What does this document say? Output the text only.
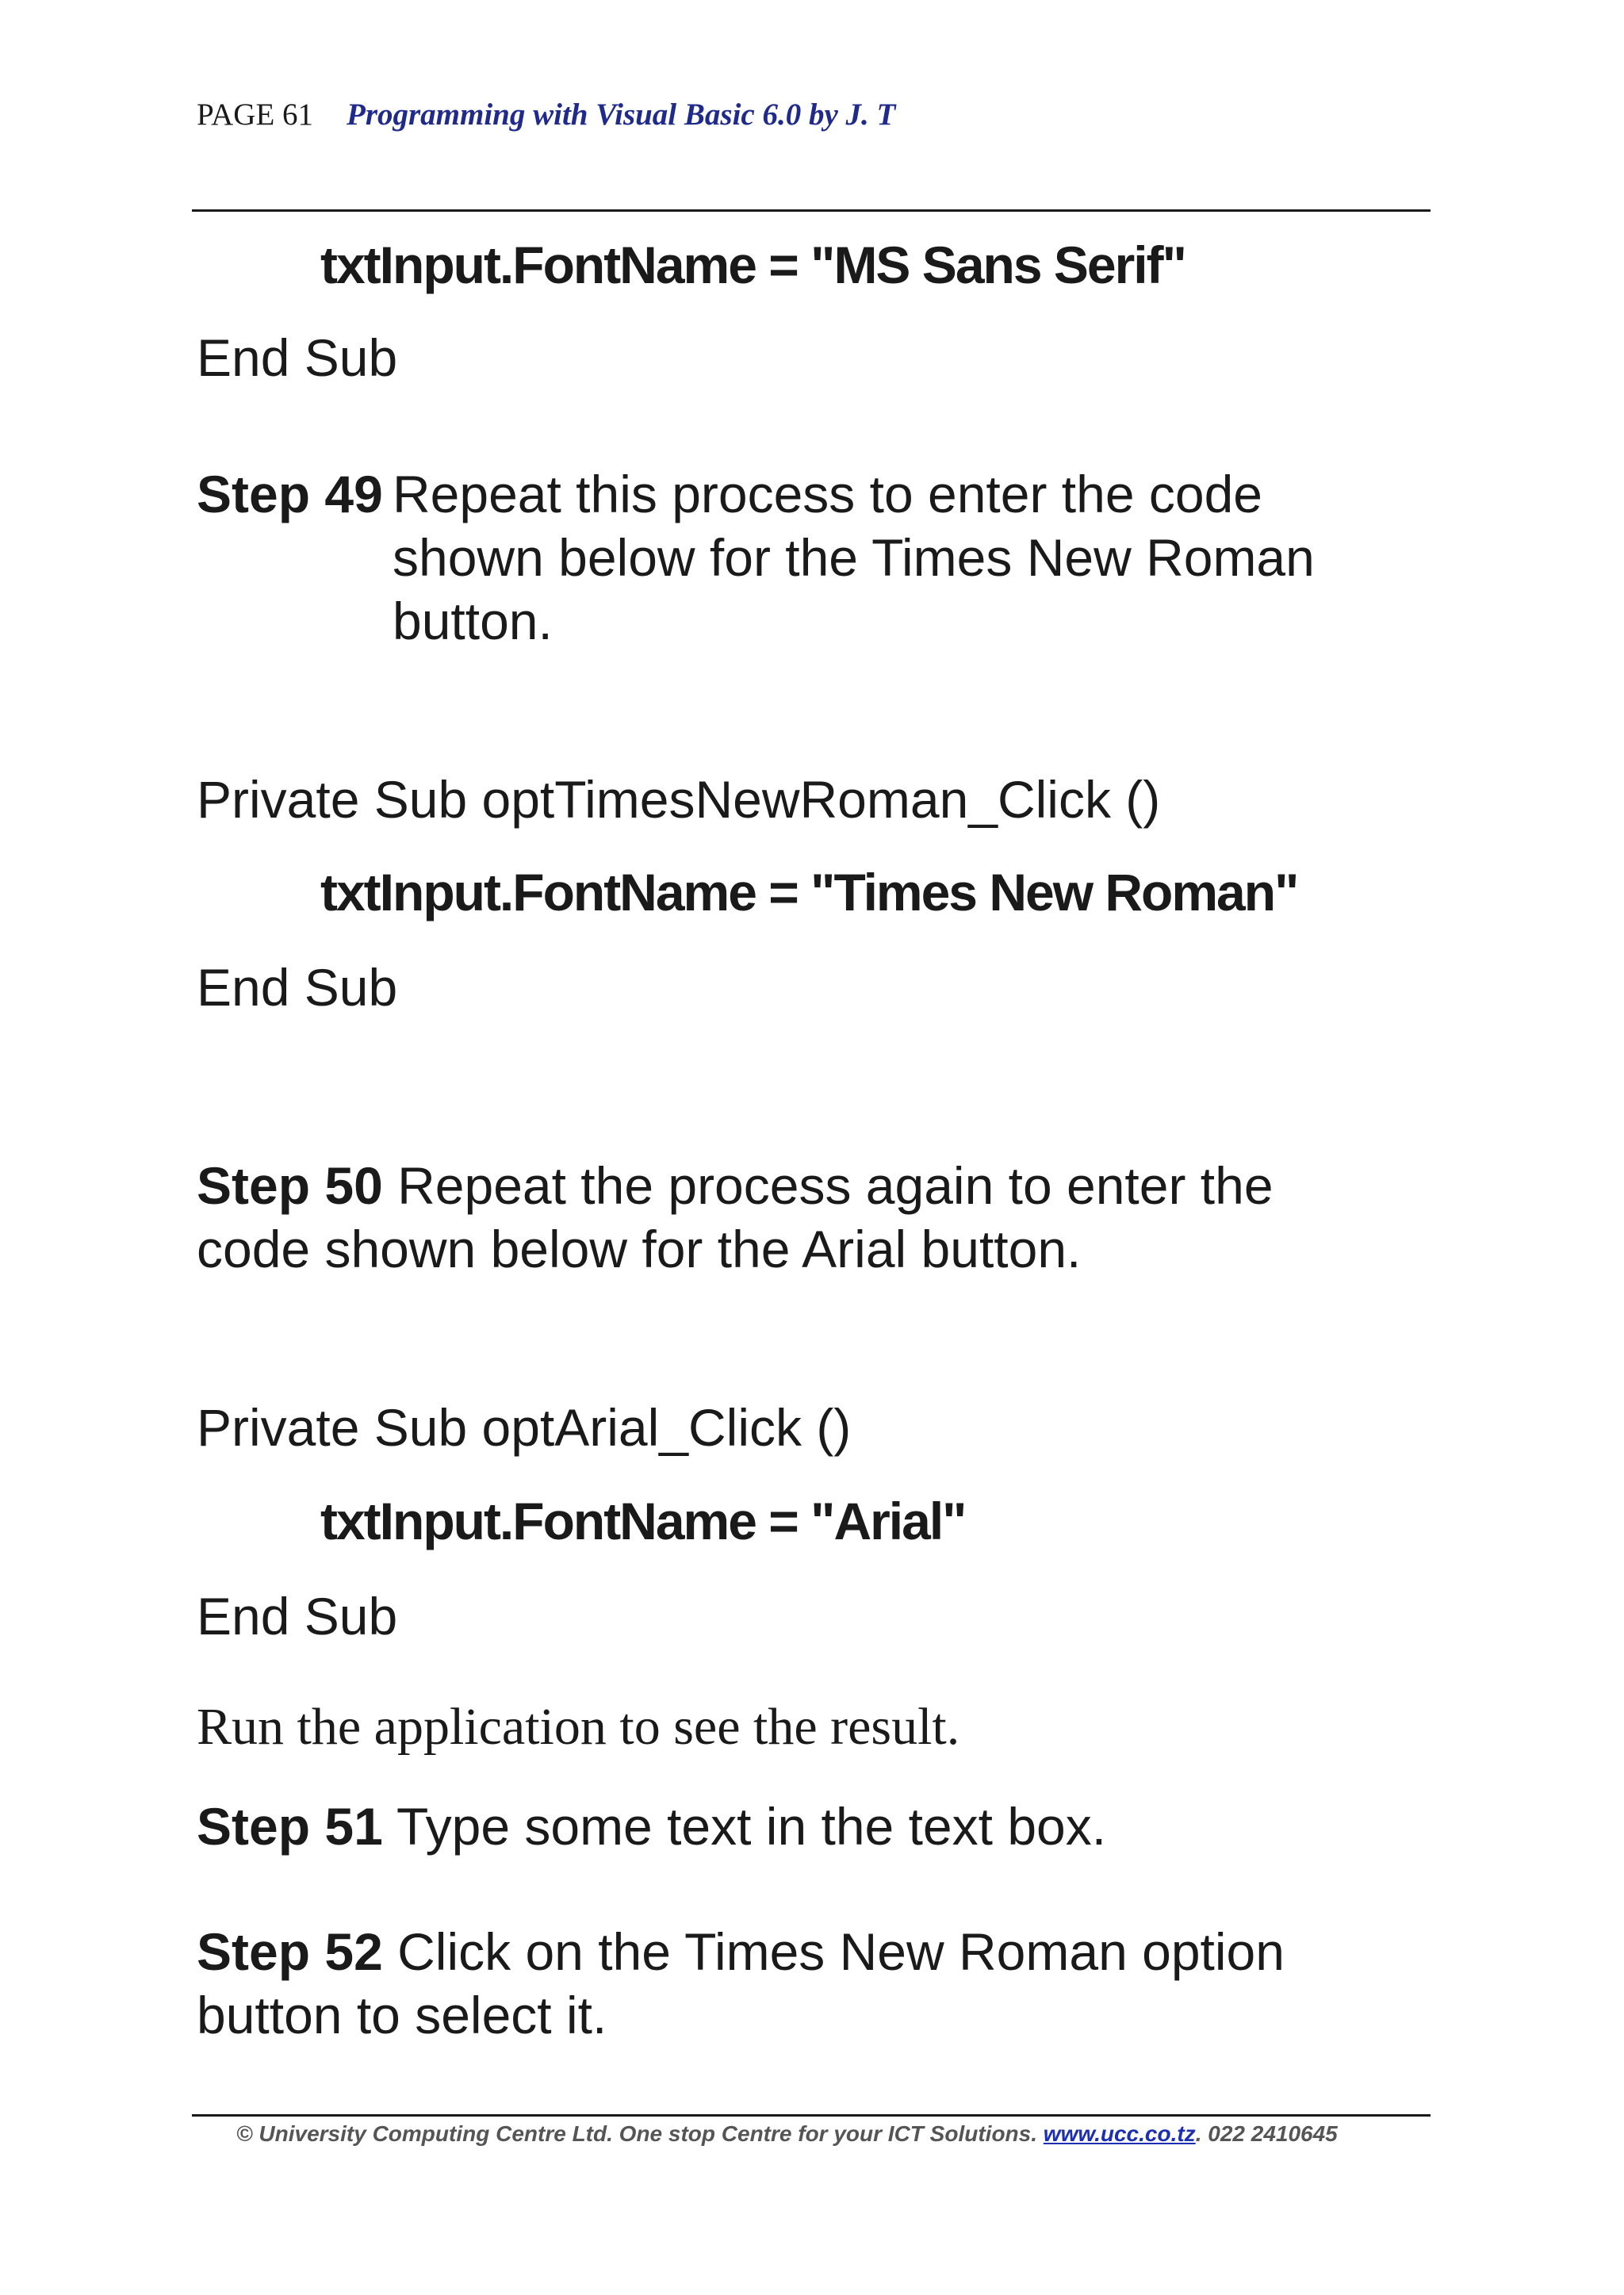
PAGE 61 Programming with Visual Basic 6.0 by J. T
txtInput.FontName = "MS Sans Serif"
End Sub
Step 49 Repeat this process to enter the code
shown below for the Times New Roman
button.
Private Sub optTimesNewRoman_Click ()
txtInput.FontName = "Times New Roman"
End Sub
Step 50 Repeat the process again to enter the
code shown below for the Arial button.
Private Sub optArial_Click ()
txtInput.FontName = "Arial"
End Sub
Run the application to see the result.
Step 51 Type some text in the text box.
Step 52 Click on the Times New Roman option
button to select it.
© University Computing Centre Ltd. One stop Centre for your ICT Solutions. www.ucc.co.tz. 022 2410645
